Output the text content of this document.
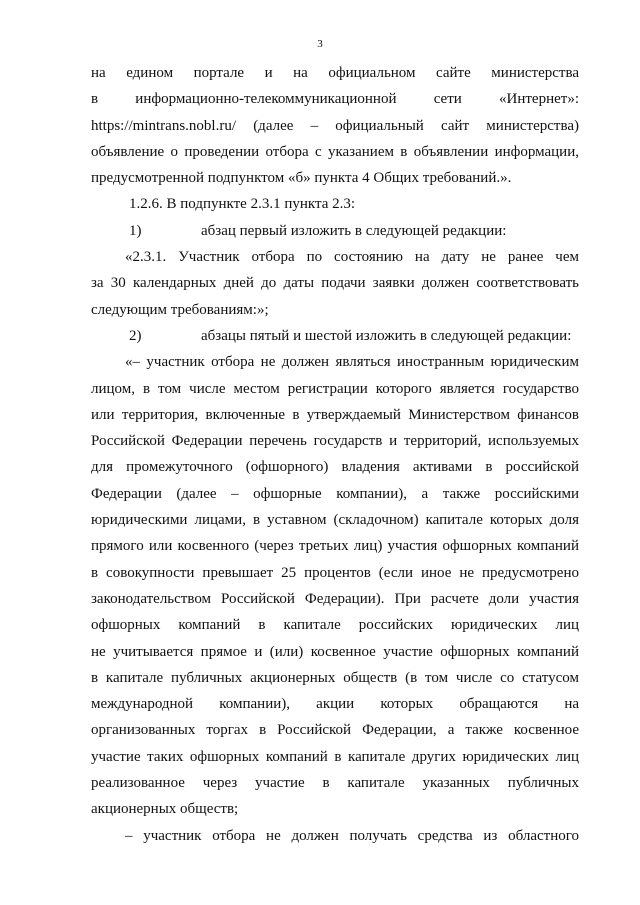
3
на едином портале и на официальном сайте министерства
в информационно-телекоммуникационной сети «Интернет»:
https://mintrans.nobl.ru/ (далее – официальный сайт министерства)
объявление о проведении отбора с указанием в объявлении информации,
предусмотренной подпунктом «б» пункта 4 Общих требований.».
1.2.6. В подпункте 2.3.1 пункта 2.3:
1)	абзац первый изложить в следующей редакции:
«2.3.1. Участник отбора по состоянию на дату не ранее чем
за 30 календарных дней до даты подачи заявки должен соответствовать
следующим требованиям:»;
2)	абзацы пятый и шестой изложить в следующей редакции:
«– участник отбора не должен являться иностранным юридическим
лицом, в том числе местом регистрации которого является государство
или территория, включенные в утверждаемый Министерством финансов
Российской Федерации перечень государств и территорий, используемых
для промежуточного (офшорного) владения активами в российской
Федерации (далее – офшорные компании), а также российскими
юридическими лицами, в уставном (складочном) капитале которых доля
прямого или косвенного (через третьих лиц) участия офшорных компаний
в совокупности превышает 25 процентов (если иное не предусмотрено
законодательством Российской Федерации). При расчете доли участия
офшорных компаний в капитале российских юридических лиц
не учитывается прямое и (или) косвенное участие офшорных компаний
в капитале публичных акционерных обществ (в том числе со статусом
международной компании), акции которых обращаются на
организованных торгах в Российской Федерации, а также косвенное
участие таких офшорных компаний в капитале других юридических лиц
реализованное через участие в капитале указанных публичных
акционерных обществ;
– участник отбора не должен получать средства из областного
